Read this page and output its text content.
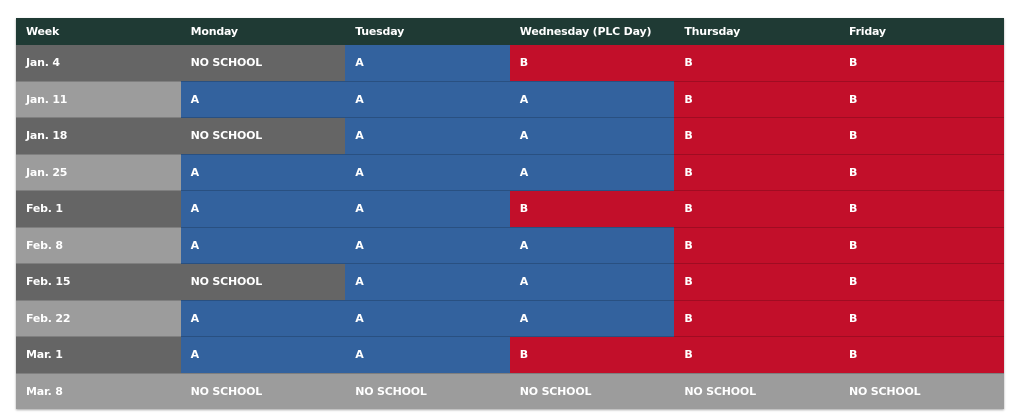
Week	Monday	Tuesday	Wednesday (PLC Day)	Thursday	Friday
Jan. 4	NO SCHOOL	A	B	B	B
Jan. 11	A	A	A	B	B
Jan. 18	NO SCHOOL	A	A	B	B
Jan. 25	A	A	A	B	B
Feb. 1	A	A	B	B	B
Feb. 8	A	A	A	B	B
Feb. 15	NO SCHOOL	A	A	B	B
Feb. 22	A	A	A	B	B
Mar. 1	A	A	B	B	B
Mar. 8	NO SCHOOL	NO SCHOOL	NO SCHOOL	NO SCHOOL	NO SCHOOL
